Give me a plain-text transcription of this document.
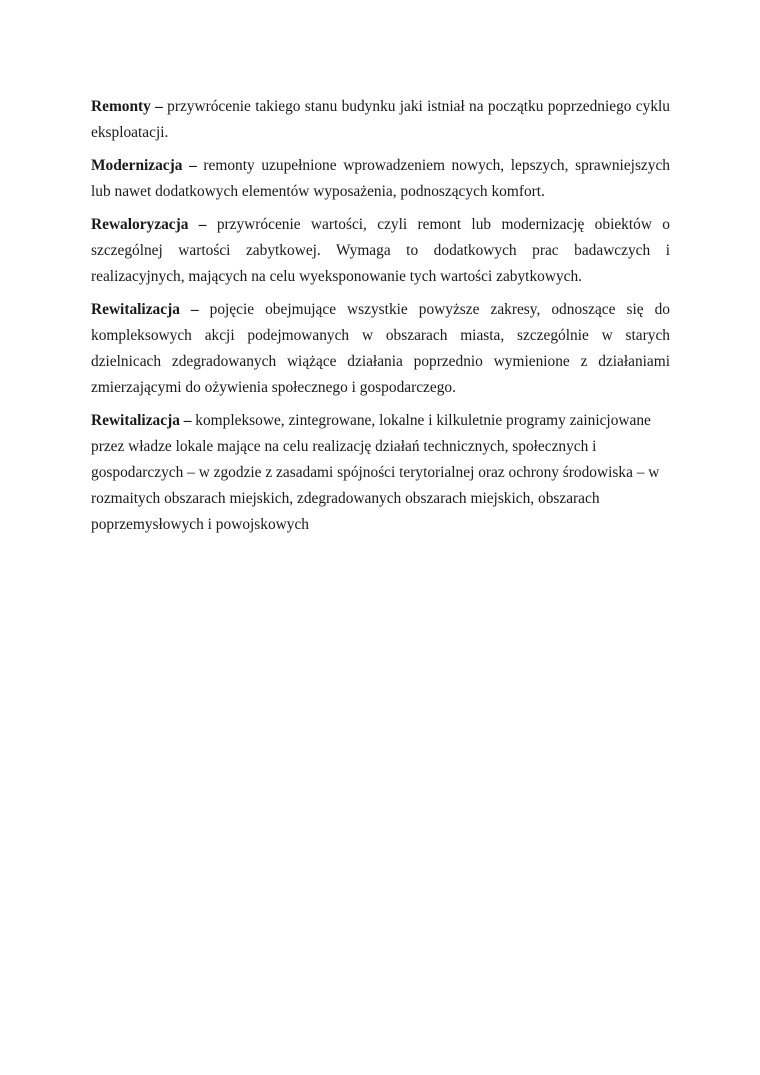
Remonty – przywrócenie takiego stanu budynku jaki istniał na początku poprzedniego cyklu eksploatacji.

Modernizacja – remonty uzupełnione wprowadzeniem nowych, lepszych, sprawniejszych lub nawet dodatkowych elementów wyposażenia, podnoszących komfort.

Rewaloryzacja – przywrócenie wartości, czyli remont lub modernizację obiektów o szczególnej wartości zabytkowej. Wymaga to dodatkowych prac badawczych i realizacyjnych, mających na celu wyeksponowanie tych wartości zabytkowych.

Rewitalizacja – pojęcie obejmujące wszystkie powyższe zakresy, odnoszące się do kompleksowych akcji podejmowanych w obszarach miasta, szczególnie w starych dzielnicach zdegradowanych wiążące działania poprzednio wymienione z działaniami zmierzającymi do ożywienia społecznego i gospodarczego.

Rewitalizacja – kompleksowe, zintegrowane, lokalne i kilkuletnie programy zainicjowane przez władze lokale mające na celu realizację działań technicznych, społecznych i gospodarczych – w zgodzie z zasadami spójności terytorialnej oraz ochrony środowiska – w rozmaitych obszarach miejskich, zdegradowanych obszarach miejskich, obszarach poprzemysłowych i powojskowych
